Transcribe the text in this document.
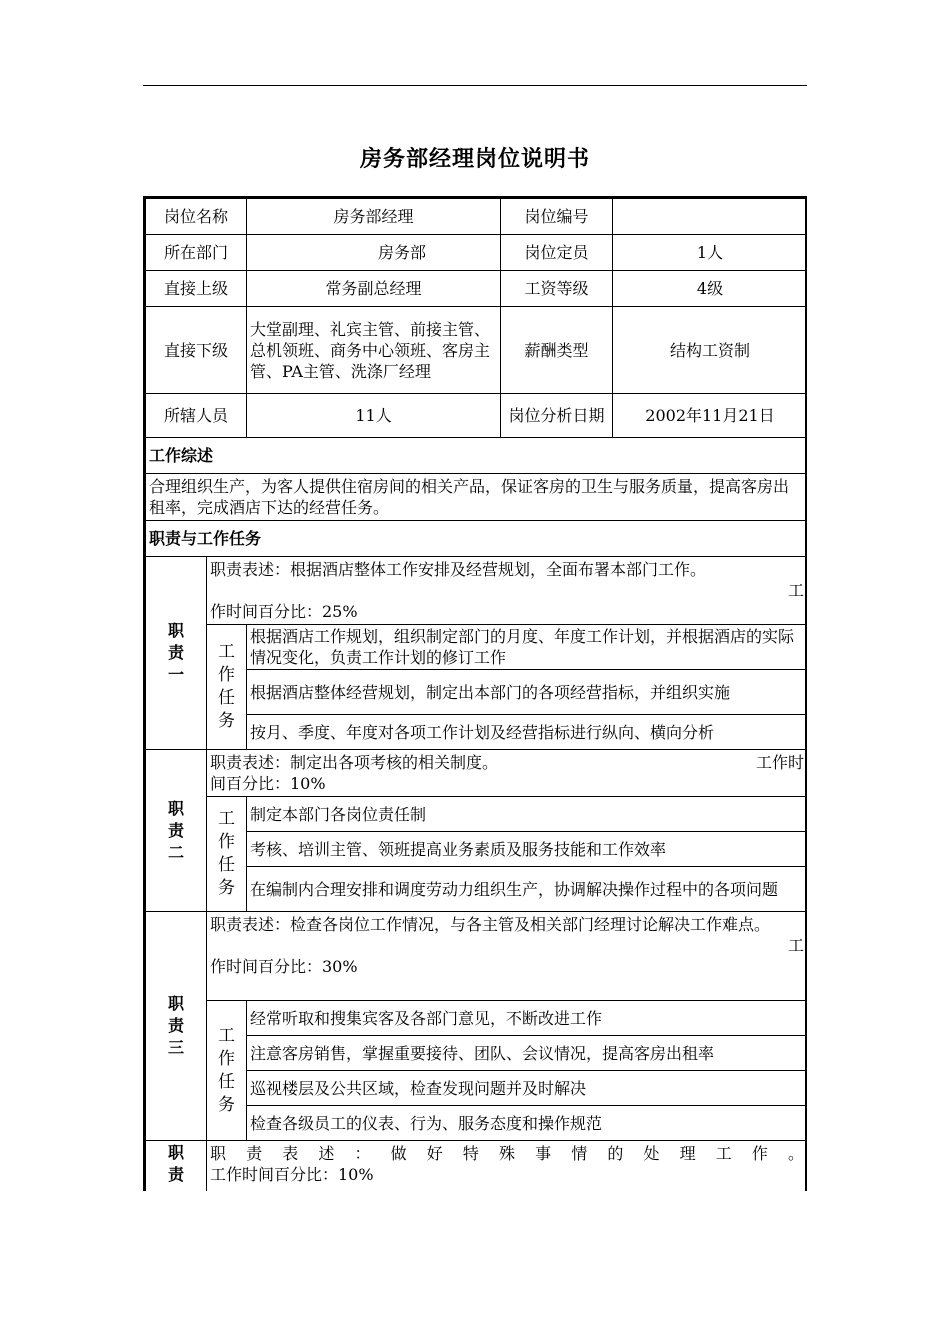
房务部经理岗位说明书
岗位名称		房务部经理	岗位编号	
所在部门		房务部	岗位定员	1人
直接上级		常务副总经理	工资等级	4级
直接下级		大堂副理、礼宾主管、前接主管、总机领班、商务中心领班、客房主管、PA主管、洗涤厂经理	薪酬类型	结构工资制
所辖人员		11人	岗位分析日期	2002年11月21日
工作综述				
合理组织生产，为客人提供住宿房间的相关产品，保证客房的卫生与服务质量，提高客房出租率，完成酒店下达的经营任务。				
职责与工作任务				
职责一	职责表述：根据酒店整体工作安排及经营规划，全面布署本部门工作。
工
作时间百分比：25%			
	工作任务	根据酒店工作规划，组织制定部门的月度、年度工作计划，并根据酒店的实际情况变化，负责工作计划的修订工作		
		根据酒店整体经营规划，制定出本部门的各项经营指标，并组织实施		
		按月、季度、年度对各项工作计划及经营指标进行纵向、横向分析		
职责二	职责表述：制定出各项考核的相关制度。 工作时

间百分比：10%			
	工作任务	制定本部门各岗位责任制		
		考核、培训主管、领班提高业务素质及服务技能和工作效率		
		在编制内合理安排和调度劳动力组织生产，协调解决操作过程中的各项问题		
职责三	职责表述：检查各岗位工作情况，与各主管及相关部门经理讨论解决工作难点。
工
作时间百分比：30%			
	工作任务	经常听取和搜集宾客及各部门意见，不断改进工作		
		注意客房销售，掌握重要接待、团队、会议情况，提高客房出租率		
		巡视楼层及公共区域，检查发现问题并及时解决		
		检查各级员工的仪表、行为、服务态度和操作规范		
职责	职责表述：做好特殊事情的处理工作。
工作时间百分比：10%			
